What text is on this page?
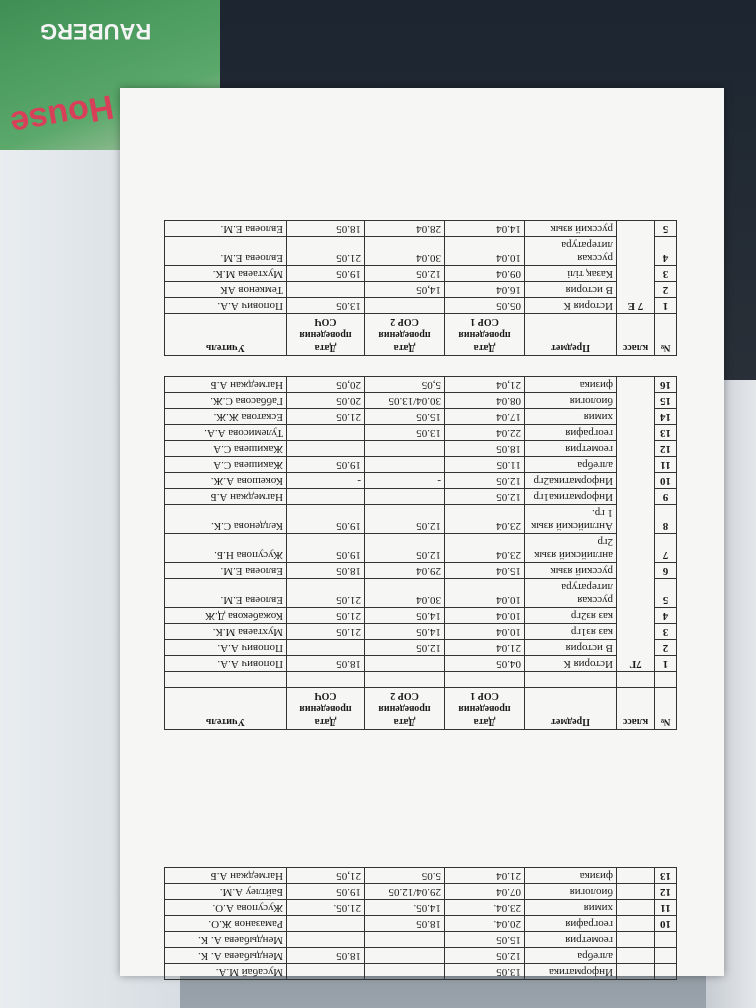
RAUBERG
House
		Информатика	13.05			Мусабай М.А.
		алгебра	12.05		18.05	Мендыбаева А. К.
		геометрия	15.05			Мендыбаева А. К.
10		география	20.04.	18.05		Рамазанов Ж.О.
11		химия	23.04.	14.05.	21.05.	Жусупова А.О.
12		биология	07.04	29.04/12.05	19.05	Байтлеу А.М.
13		физика	21.04	5.05	21,05	Нагмеджан А.Б
№	класс	Предмет	Дата проведения СОР 1	Дата проведения СОР 2	Дата проведения СОЧ	Учитель

1	7Г	История К	04.05		18.05	Попович А.А.
2		В история	21.04	12.05		Попович А.А.
3		каз яз1гр	10.04	14.05	21.05	Мухтаева М.К.
4		каз яз2гр	10.04	14.05	21.05	Кожабекова Д.Ж
5		русская литература	10.04	30.04	21.05	Евлоева Е.М.
6		русский язык	15.04	29.04	18.05	Евлоева Е.М.
7		английский язык 2гр	23.04	12.05	19.05	Жусупова Н.Б.
8		Английский язык 1 гр.	23.04	12.05	19.05	Келденова С.К.
9		Информатика1гр	12.05			Нагмеджан А.Б
10		Информатика2гр	12.05	-	-	Кокешова А.Ж.
11		алгебра	11.05		19.05	Жакишева С.А
12		геометрия	18.05			Жакишева С.А
13		география	22.04	13.05		Тулемисова А.А.
14		химия	17.04	15.05	21.05	Ескатова Ж.Ж.
15		биология	08.04	30.04/13.05	20.05	Габбасова С.Ж.
16		физика	21,04	5,05	20,05	Нагмеджан А.Б
№	класс	Предмет	Дата проведения СОР 1	Дата проведения СОР 2	Дата проведения СОЧ	Учитель
1	7 Е	История К	05.05		13.05	Попович А.А.
2		В история	16.04	14,05		Темкенов АК
3		Казақ тілі	09.04	12.05	19.05	Мухтаева М.К.
4		русская литература	10.04	30.04	21.05	Евлоева Е.М.
5		русский язык	14.04	28.04	18.05	Евлоева Е.М.
